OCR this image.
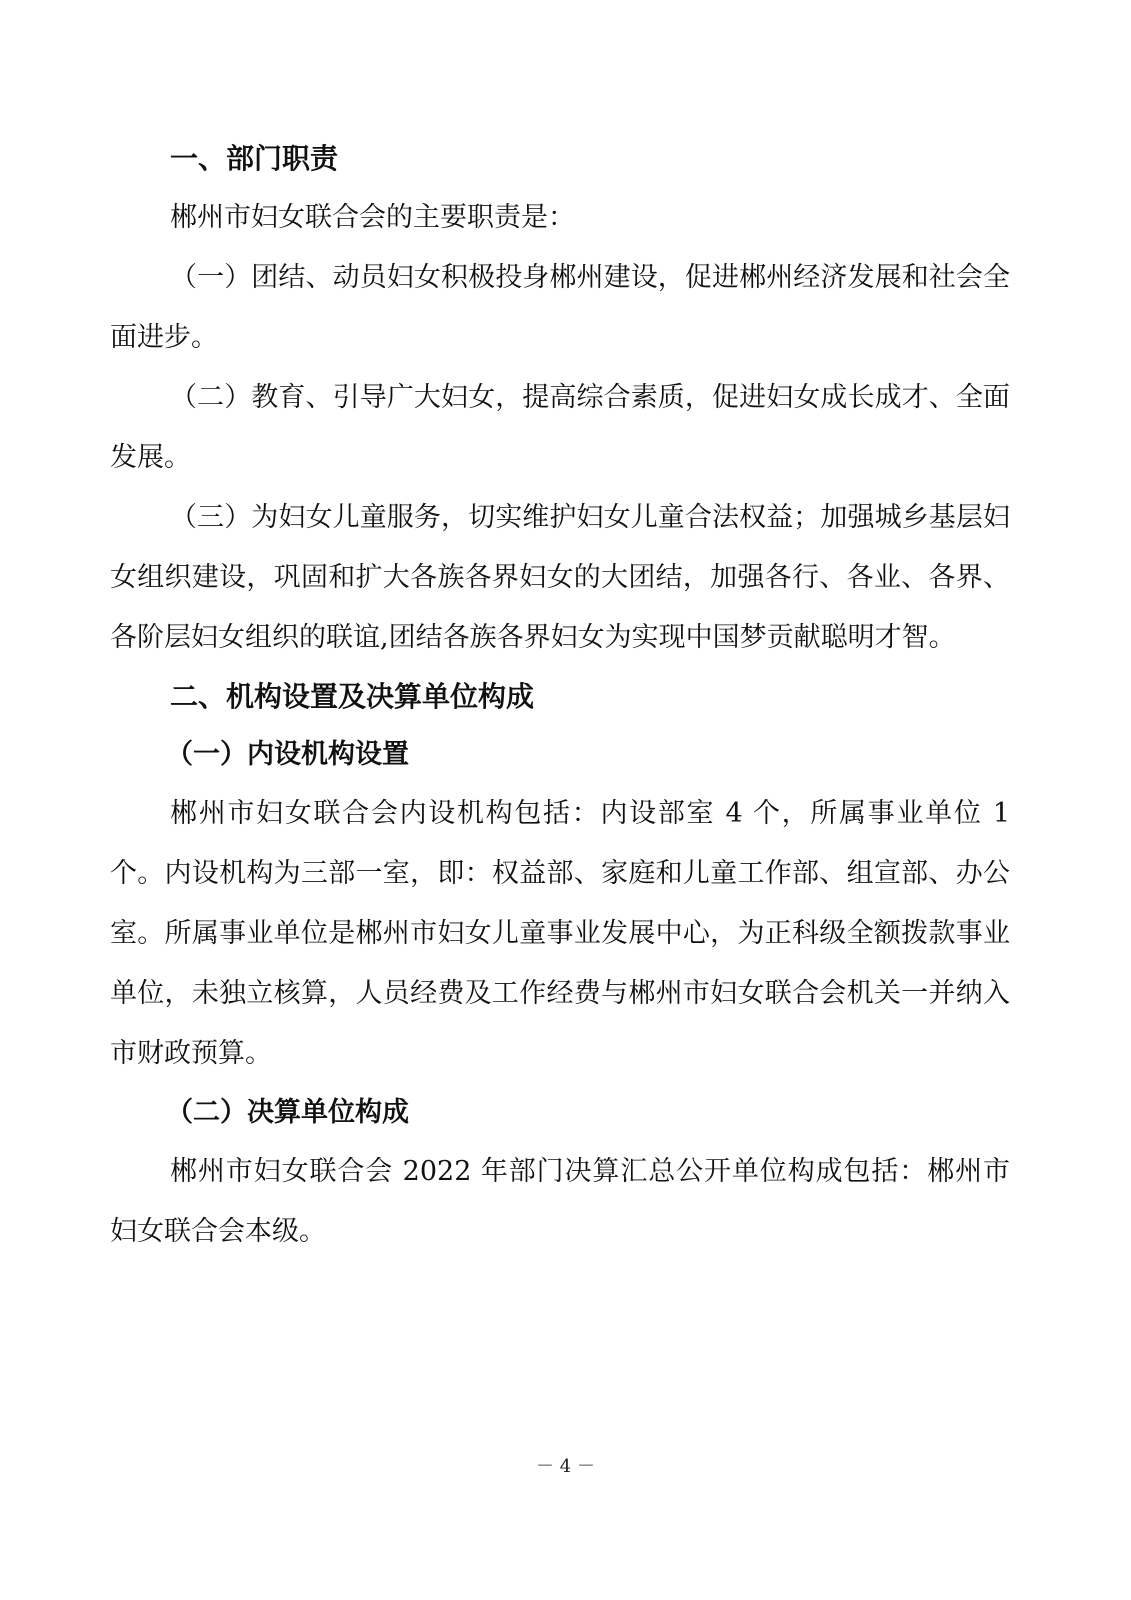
一、部门职责

郴州市妇女联合会的主要职责是：

（一）团结、动员妇女积极投身郴州建设，促进郴州经济发展和社会全面进步。

（二）教育、引导广大妇女，提高综合素质，促进妇女成长成才、全面发展。

（三）为妇女儿童服务，切实维护妇女儿童合法权益；加强城乡基层妇女组织建设，巩固和扩大各族各界妇女的大团结，加强各行、各业、各界、各阶层妇女组织的联谊,团结各族各界妇女为实现中国梦贡献聪明才智。

二、机构设置及决算单位构成
（一）内设机构设置

郴州市妇女联合会内设机构包括：内设部室 4 个，所属事业单位 1 个。内设机构为三部一室，即：权益部、家庭和儿童工作部、组宣部、办公室。所属事业单位是郴州市妇女儿童事业发展中心，为正科级全额拨款事业单位，未独立核算，人员经费及工作经费与郴州市妇女联合会机关一并纳入市财政预算。

（二）决算单位构成

郴州市妇女联合会 2022 年部门决算汇总公开单位构成包括：郴州市妇女联合会本级。

－ 4 －
